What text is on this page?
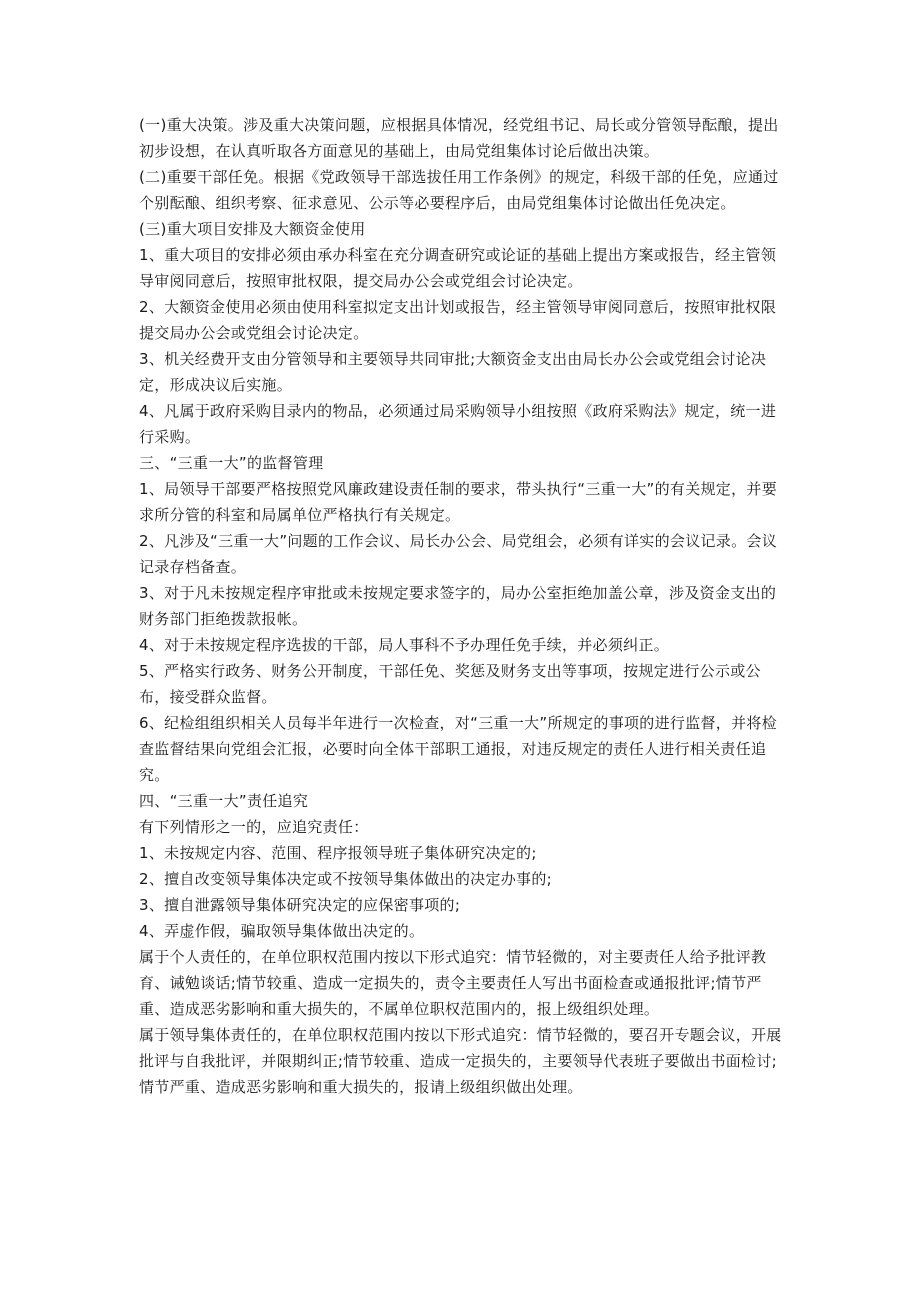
(一)重大决策。涉及重大决策问题，应根据具体情况，经党组书记、局长或分管领导酝酿，提出初步设想，在认真听取各方面意见的基础上，由局党组集体讨论后做出决策。

(二)重要干部任免。根据《党政领导干部选拔任用工作条例》的规定，科级干部的任免，应通过个别酝酿、组织考察、征求意见、公示等必要程序后，由局党组集体讨论做出任免决定。

(三)重大项目安排及大额资金使用

1、重大项目的安排必须由承办科室在充分调查研究或论证的基础上提出方案或报告，经主管领导审阅同意后，按照审批权限，提交局办公会或党组会讨论决定。

2、大额资金使用必须由使用科室拟定支出计划或报告，经主管领导审阅同意后，按照审批权限提交局办公会或党组会讨论决定。

3、机关经费开支由分管领导和主要领导共同审批;大额资金支出由局长办公会或党组会讨论决定，形成决议后实施。

4、凡属于政府采购目录内的物品，必须通过局采购领导小组按照《政府采购法》规定，统一进行采购。

三、“三重一大”的监督管理

1、局领导干部要严格按照党风廉政建设责任制的要求，带头执行“三重一大”的有关规定，并要求所分管的科室和局属单位严格执行有关规定。

2、凡涉及“三重一大”问题的工作会议、局长办公会、局党组会，必须有详实的会议记录。会议记录存档备查。

3、对于凡未按规定程序审批或未按规定要求签字的，局办公室拒绝加盖公章，涉及资金支出的财务部门拒绝拨款报帐。

4、对于未按规定程序选拔的干部，局人事科不予办理任免手续，并必须纠正。

5、严格实行政务、财务公开制度，干部任免、奖惩及财务支出等事项，按规定进行公示或公布，接受群众监督。

6、纪检组组织相关人员每半年进行一次检查，对“三重一大”所规定的事项的进行监督，并将检查监督结果向党组会汇报，必要时向全体干部职工通报，对违反规定的责任人进行相关责任追究。

四、“三重一大”责任追究

有下列情形之一的，应追究责任：

1、未按规定内容、范围、程序报领导班子集体研究决定的;

2、擅自改变领导集体决定或不按领导集体做出的决定办事的;

3、擅自泄露领导集体研究决定的应保密事项的;

4、弄虚作假，骗取领导集体做出决定的。

属于个人责任的，在单位职权范围内按以下形式追究：情节轻微的，对主要责任人给予批评教育、诫勉谈话;情节较重、造成一定损失的，责令主要责任人写出书面检查或通报批评;情节严重、造成恶劣影响和重大损失的，不属单位职权范围内的，报上级组织处理。

属于领导集体责任的，在单位职权范围内按以下形式追究：情节轻微的，要召开专题会议，开展批评与自我批评，并限期纠正;情节较重、造成一定损失的，主要领导代表班子要做出书面检讨;情节严重、造成恶劣影响和重大损失的，报请上级组织做出处理。
